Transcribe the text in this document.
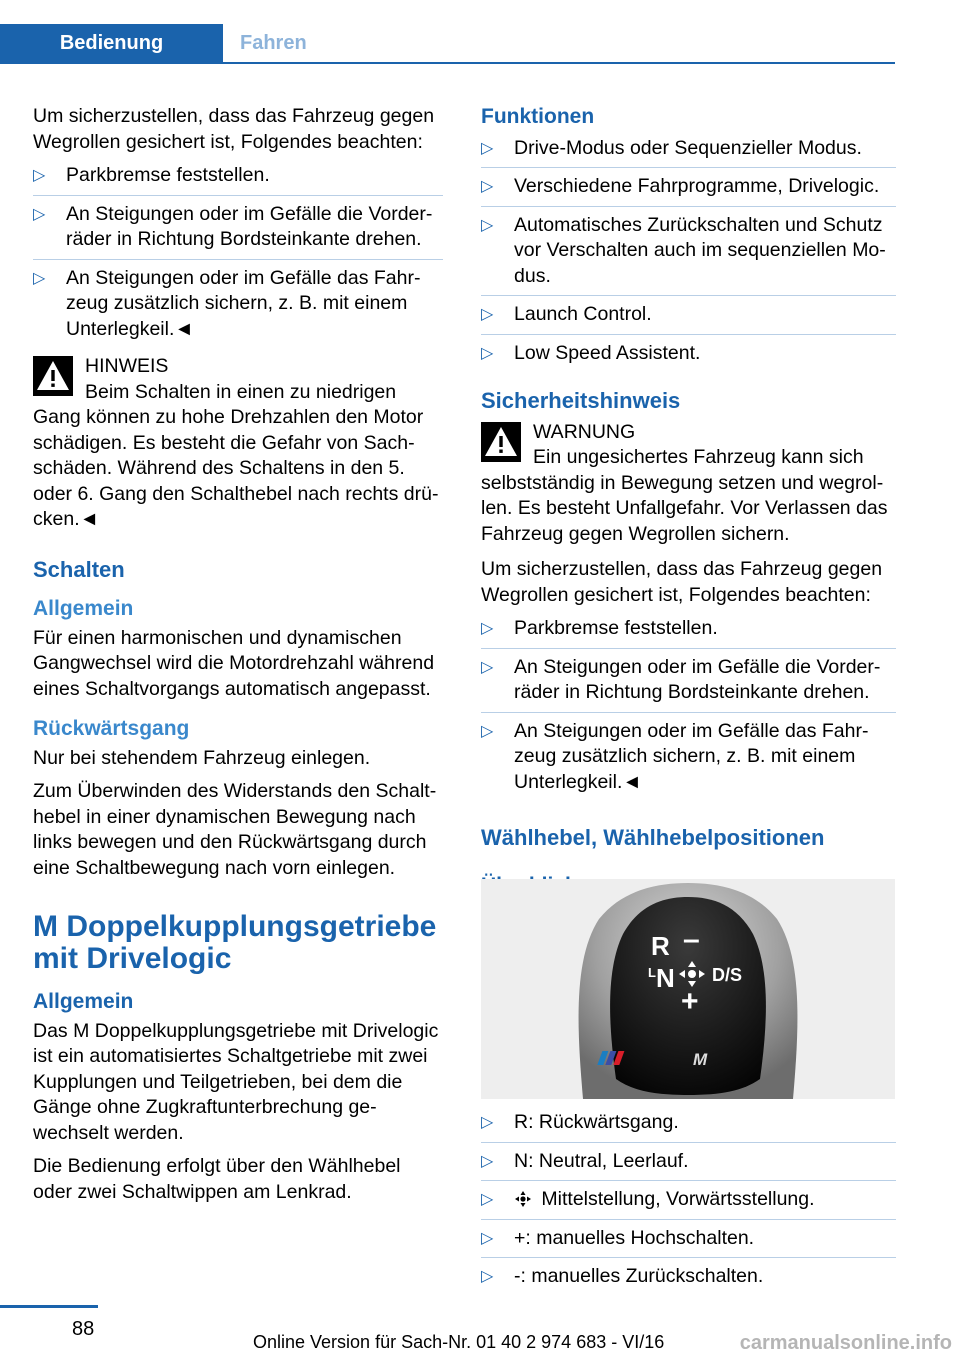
Bedienung	Fahren

Um sicherzustellen, dass das Fahrzeug gegen Wegrollen gesichert ist, Folgendes beachten:

▷ Parkbremse feststellen.
▷ An Steigungen oder im Gefälle die Vorderräder in Richtung Bordsteinkante drehen.
▷ An Steigungen oder im Gefälle das Fahrzeug zusätzlich sichern, z. B. mit einem Unterlegkeil.◄
HINWEIS
Beim Schalten in einen zu niedrigen Gang können zu hohe Drehzahlen den Motor schädigen. Es besteht die Gefahr von Sachschäden. Während des Schaltens in den 5. oder 6. Gang den Schalthebel nach rechts drücken.◄
Schalten
Allgemein

Für einen harmonischen und dynamischen Gangwechsel wird die Motordrehzahl während eines Schaltvorgangs automatisch angepasst.

Rückwärtsgang

Nur bei stehendem Fahrzeug einlegen.

Zum Überwinden des Widerstands den Schalthebel in einer dynamischen Bewegung nach links bewegen und den Rückwärtsgang durch eine Schaltbewegung nach vorn einlegen.

M Doppelkupplungsgetriebe mit Drivelogic
Allgemein

Das M Doppelkupplungsgetriebe mit Drivelogic ist ein automatisiertes Schaltgetriebe mit zwei Kupplungen und Teilgetrieben, bei dem die Gänge ohne Zugkraftunterbrechung gewechselt werden.

Die Bedienung erfolgt über den Wählhebel oder zwei Schaltwippen am Lenkrad.

Funktionen
▷ Drive-Modus oder Sequenzieller Modus.
▷ Verschiedene Fahrprogramme, Drivelogic.
▷ Automatisches Zurückschalten und Schutz vor Verschalten auch im sequenziellen Modus.
▷ Launch Control.
▷ Low Speed Assistent.
Sicherheitshinweis
WARNUNG
Ein ungesichertes Fahrzeug kann sich selbstständig in Bewegung setzen und wegrollen. Es besteht Unfallgefahr. Vor Verlassen das Fahrzeug gegen Wegrollen sichern.

Um sicherzustellen, dass das Fahrzeug gegen Wegrollen gesichert ist, Folgendes beachten:

▷ Parkbremse feststellen.
▷ An Steigungen oder im Gefälle die Vorderräder in Richtung Bordsteinkante drehen.
▷ An Steigungen oder im Gefälle das Fahrzeug zusätzlich sichern, z. B. mit einem Unterlegkeil.◄
Wählhebel, Wählhebelpositionen
R –
L N D/S
+
M
▷ R: Rückwärtsgang.
▷ N: Neutral, Leerlauf.
▷ Mittelstellung, Vorwärtsstellung.
▷ +: manuelles Hochschalten.
▷ -: manuelles Zurückschalten.
88
Online Version für Sach-Nr. 01 40 2 974 683 - VI/16	carmanualsonline.info
